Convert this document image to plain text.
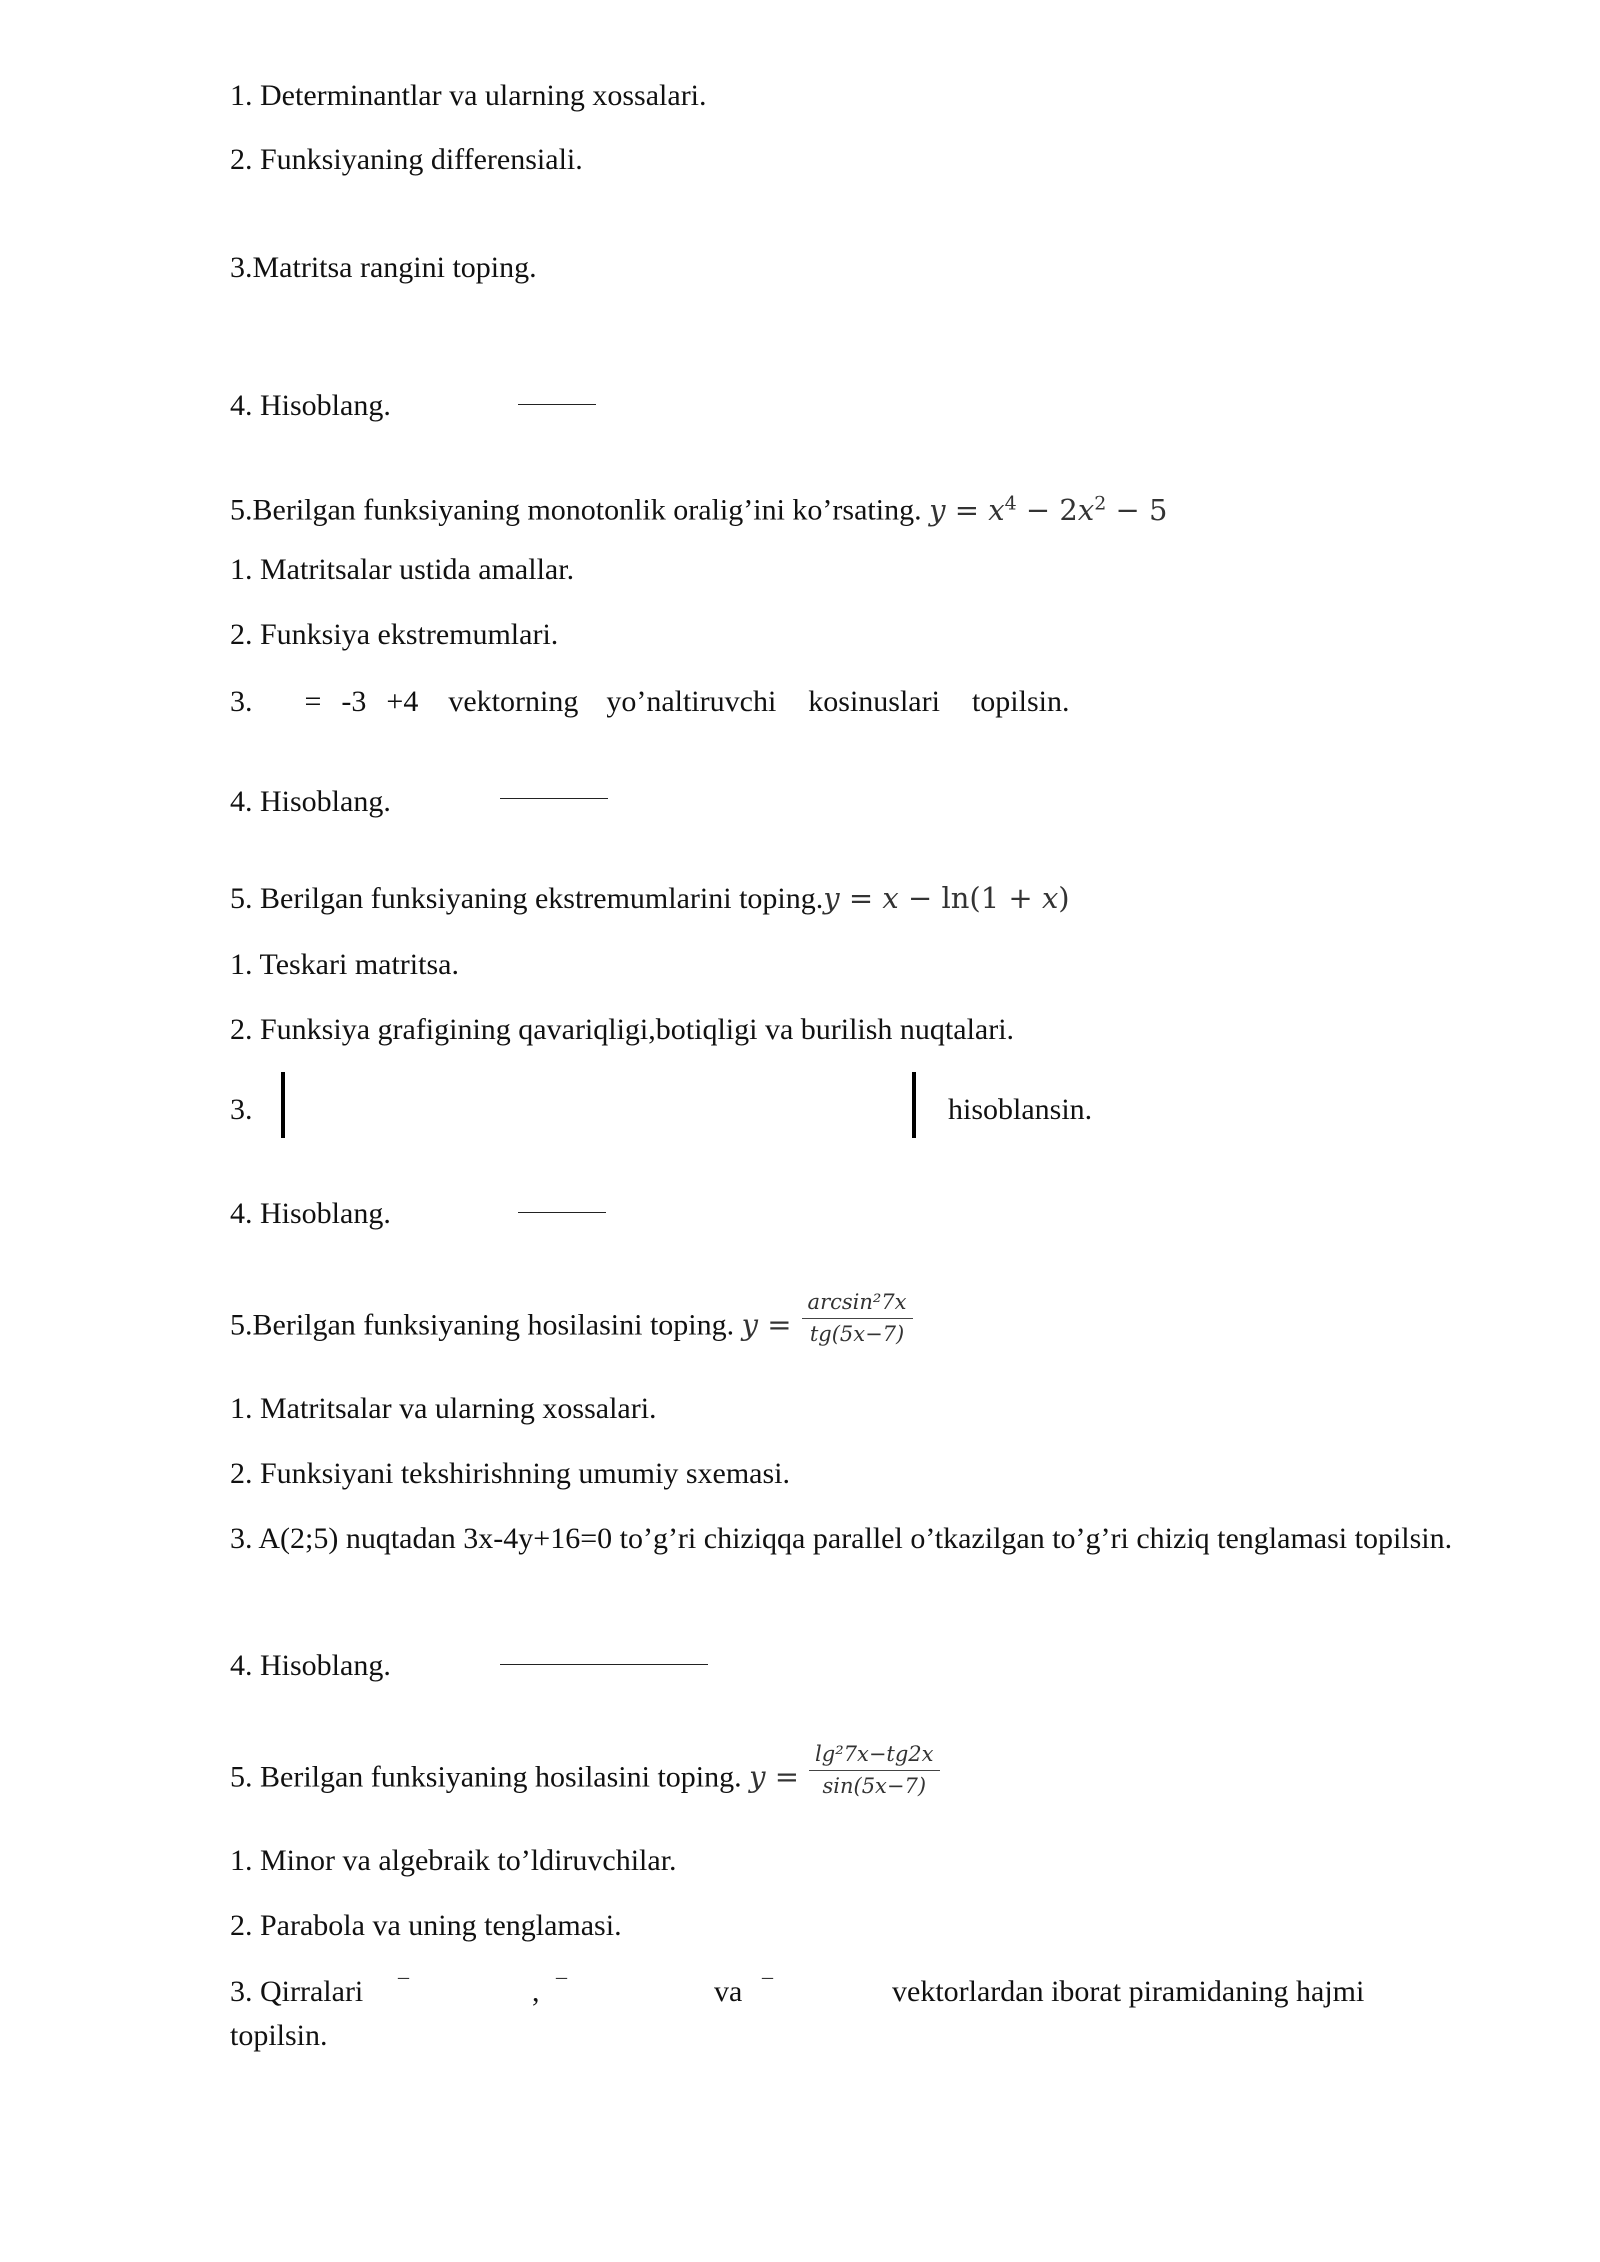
1. Determinantlar va ularning xossalari.
2. Funksiyaning differensiali.
3.Matritsa rangini toping.
4. Hisoblang.
5.Berilgan funksiyaning monotonlik oralig’ini ko’rsating. $y = x^4 - 2x^2 - 5$
1. Matritsalar ustida amallar.
2. Funksiya ekstremumlari.
3. = -3 +4 vektorning yo’naltiruvchi kosinuslari topilsin.
4. Hisoblang.
5. Berilgan funksiyaning ekstremumlarini toping.y = x − ln(1 + x)
1. Teskari matritsa.
2. Funksiya grafigining qavariqligi,botiqligi va burilish nuqtalari.
3.	hisoblansin.
4. Hisoblang.
5.Berilgan funksiyaning hosilasini toping. $y = \frac{\text{arcsin²7x}}{tg(5x-7)}$
1. Matritsalar va ularning xossalari.
2. Funksiyani tekshirishning umumiy sxemasi.
3. A(2;5) nuqtadan 3x-4y+16=0 to’g’ri chiziqqa parallel o’tkazilgan to’g’ri chiziq tenglamasi topilsin.
4. Hisoblang.
5. Berilgan funksiyaning hosilasini toping. $y = \frac{\text{lg²7x−tg2x}}{\sin(5x-7)}$
1. Minor va algebraik to’ldiruvchilar.
2. Parabola va uning tenglamasi.
3. Qirralari
_
,
_
va
_
vektorlardan iborat piramidaning hajmi
topilsin.
